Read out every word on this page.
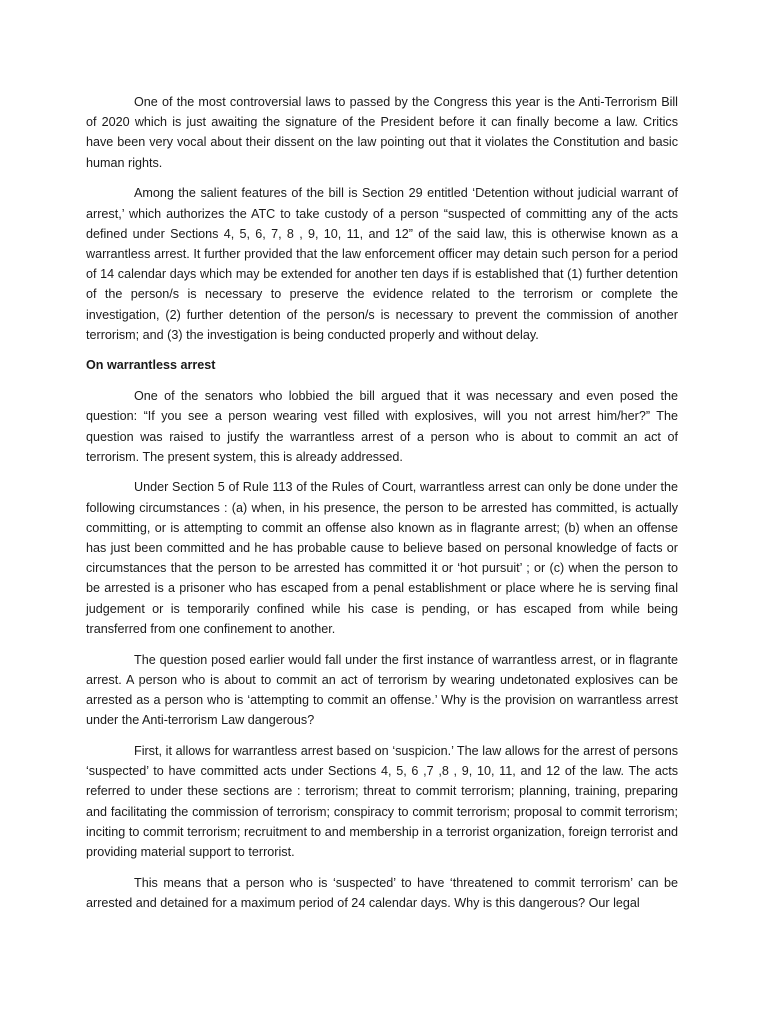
One of the most controversial laws to passed by the Congress this year is the Anti-Terrorism Bill of 2020 which is just awaiting the signature of the President before it can finally become a law. Critics have been very vocal about their dissent on the law pointing out that it violates the Constitution and basic human rights.

Among the salient features of the bill is Section 29 entitled ‘Detention without judicial warrant of arrest,’ which authorizes the ATC to take custody of a person “suspected of committing any of the acts defined under Sections 4, 5, 6, 7, 8 , 9, 10, 11, and 12” of the said law, this is otherwise known as a warrantless arrest. It further provided that the law enforcement officer may detain such person for a period of 14 calendar days which may be extended for another ten days if is established that (1) further detention of the person/s is necessary to preserve the evidence related to the terrorism or complete the investigation, (2) further detention of the person/s is necessary to prevent the commission of another terrorism; and (3) the investigation is being conducted properly and without delay.

On warrantless arrest

One of the senators who lobbied the bill argued that it was necessary and even posed the question: “If you see a person wearing vest filled with explosives, will you not arrest him/her?” The question was raised to justify the warrantless arrest of a person who is about to commit an act of terrorism. The present system, this is already addressed.

Under Section 5 of Rule 113 of the Rules of Court, warrantless arrest can only be done under the following circumstances : (a) when, in his presence, the person to be arrested has committed, is actually committing, or is attempting to commit an offense also known as in flagrante arrest; (b) when an offense has just been committed and he has probable cause to believe based on personal knowledge of facts or circumstances that the person to be arrested has committed it or ‘hot pursuit’ ; or (c) when the person to be arrested is a prisoner who has escaped from a penal establishment or place where he is serving final judgement or is temporarily confined while his case is pending, or has escaped from while being transferred from one confinement to another.

The question posed earlier would fall under the first instance of warrantless arrest, or in flagrante arrest. A person who is about to commit an act of terrorism by wearing undetonated explosives can be arrested as a person who is ‘attempting to commit an offense.’ Why is the provision on warrantless arrest under the Anti-terrorism Law dangerous?

First, it allows for warrantless arrest based on ‘suspicion.’ The law allows for the arrest of persons ‘suspected’ to have committed acts under Sections 4, 5, 6 ,7 ,8 , 9, 10, 11, and 12 of the law. The acts referred to under these sections are : terrorism; threat to commit terrorism; planning, training, preparing and facilitating the commission of terrorism; conspiracy to commit terrorism; proposal to commit terrorism; inciting to commit terrorism; recruitment to and membership in a terrorist organization, foreign terrorist and providing material support to terrorist.

This means that a person who is ‘suspected’ to have ‘threatened to commit terrorism’ can be arrested and detained for a maximum period of 24 calendar days. Why is this dangerous? Our legal
